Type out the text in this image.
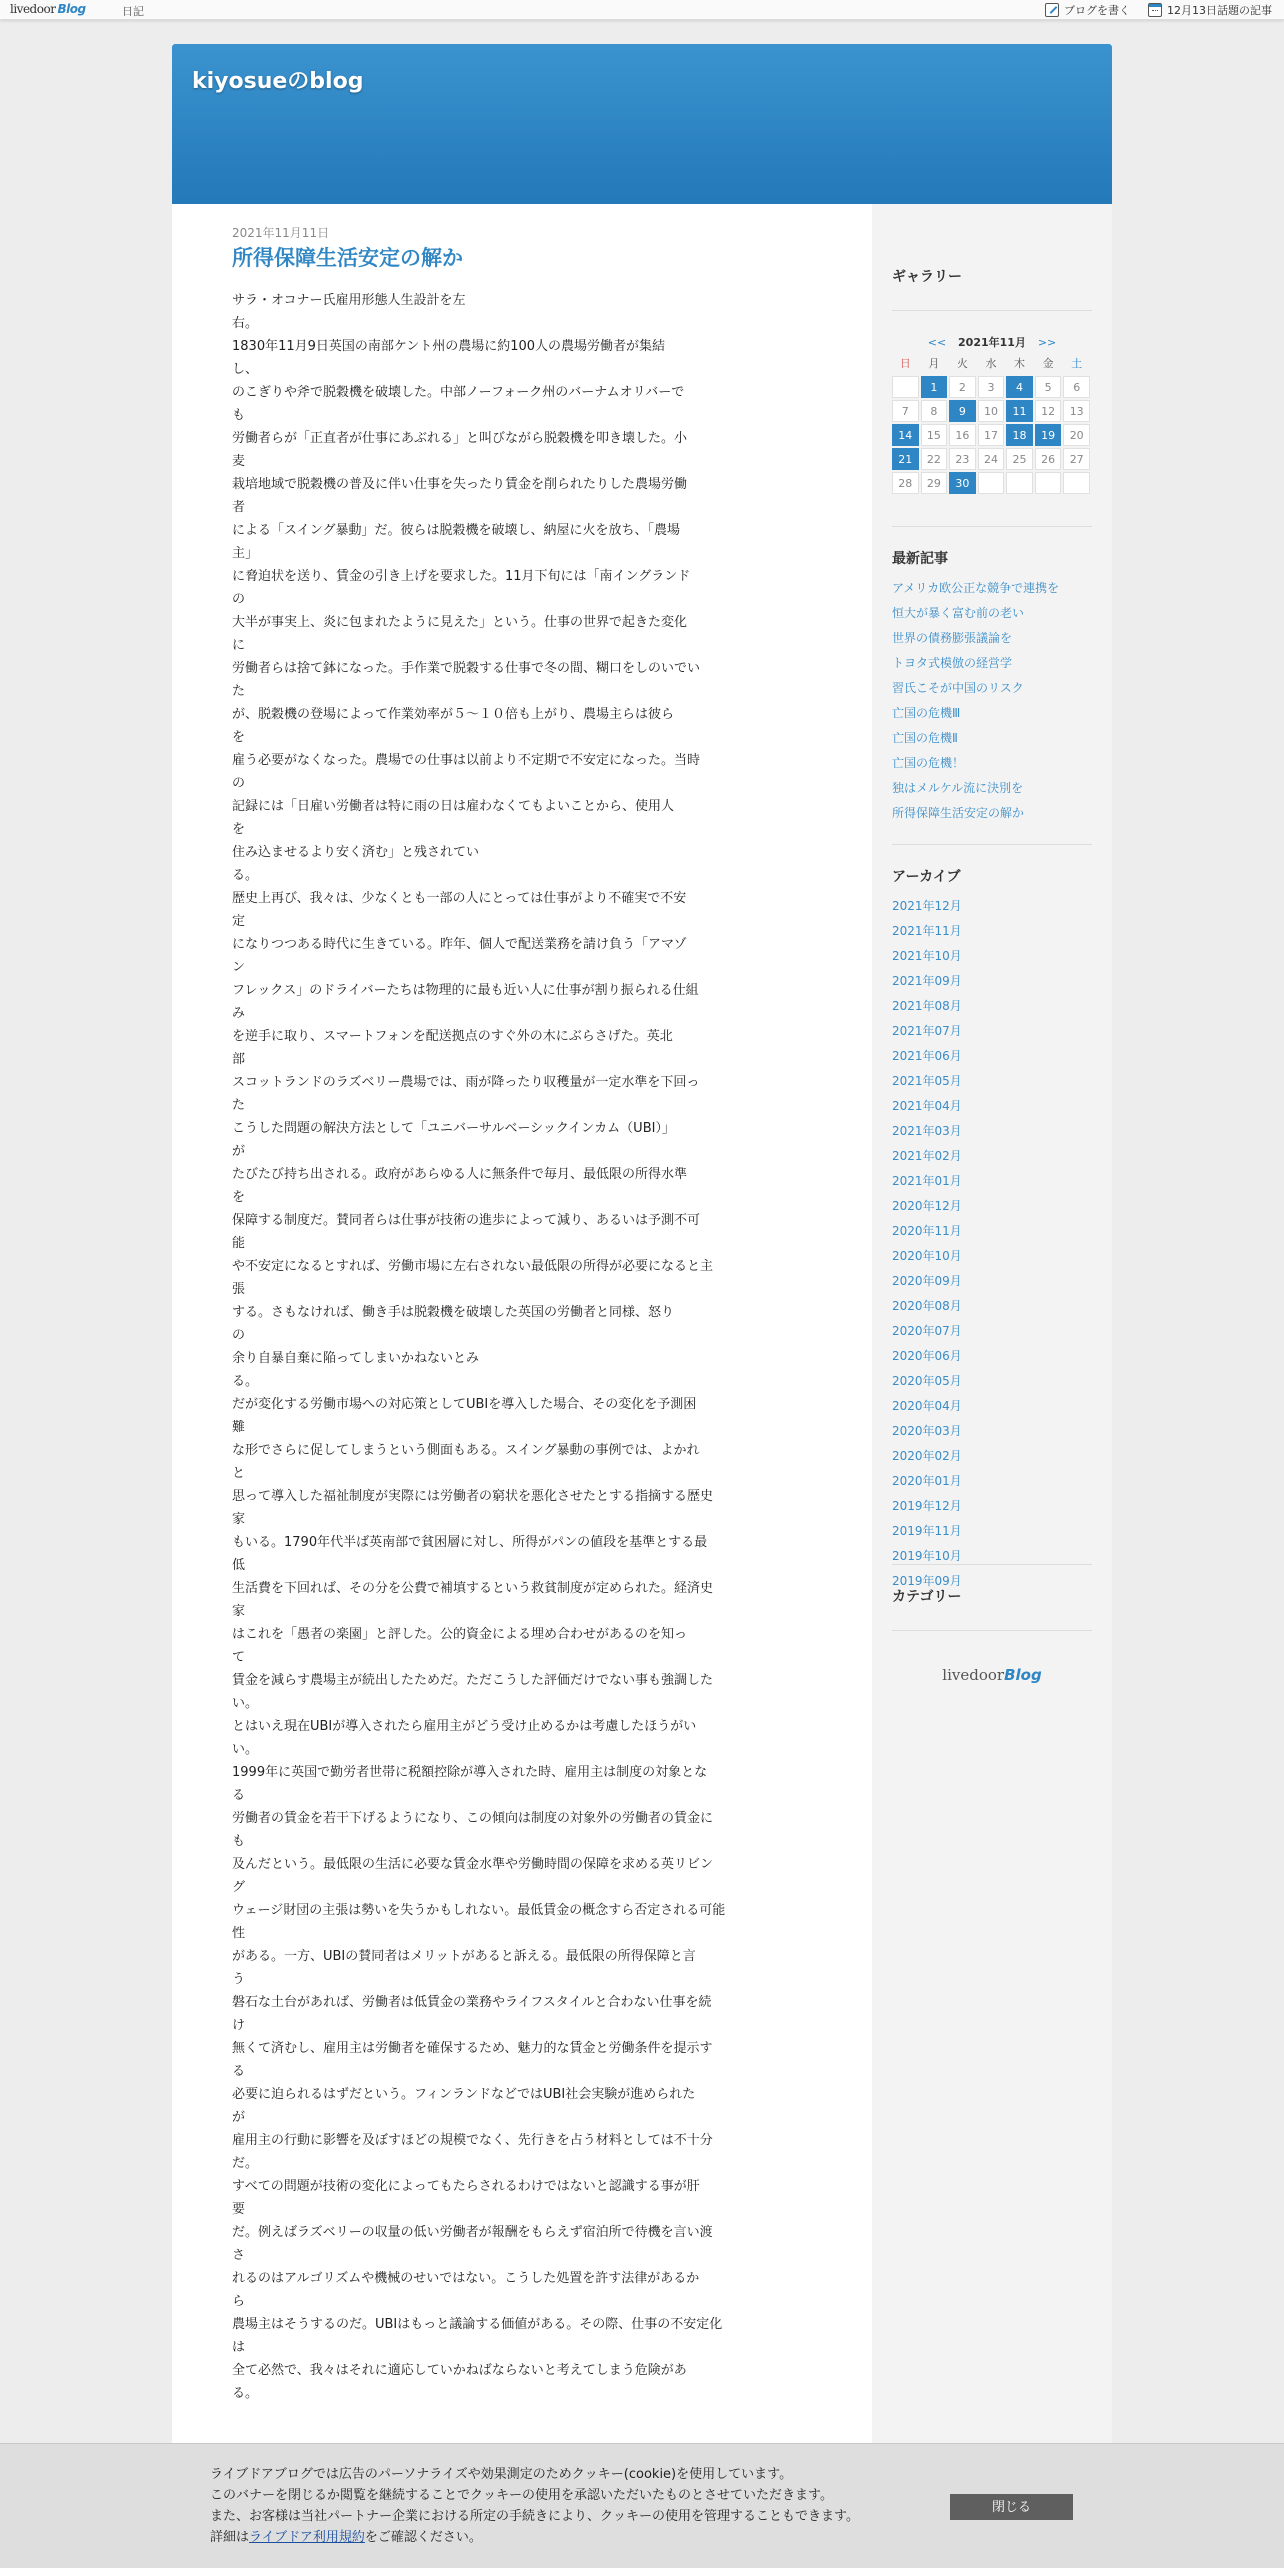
livedoor Blog	日記	ブログを書く	12月13日話題の記事
kiyosueのblog
2021年11月11日
所得保障生活安定の解か
サラ・オコナー氏雇用形態人生設計を左
右。
1830年11月9日英国の南部ケント州の農場に約100人の農場労働者が集結
し、
のこぎりや斧で脱穀機を破壊した。中部ノーフォーク州のバーナムオリバーで
も
労働者らが「正直者が仕事にあぶれる」と叫びながら脱穀機を叩き壊した。小
麦
栽培地域で脱穀機の普及に伴い仕事を失ったり賃金を削られたりした農場労働
者
による「スイング暴動」だ。彼らは脱穀機を破壊し、納屋に火を放ち、「農場
主」
に脅迫状を送り、賃金の引き上げを要求した。11月下旬には「南イングランド
の
大半が事実上、炎に包まれたように見えた」という。仕事の世界で起きた変化
に
労働者らは捨て鉢になった。手作業で脱穀する仕事で冬の間、糊口をしのいでい
た
が、脱穀機の登場によって作業効率が５～１０倍も上がり、農場主らは彼ら
を
雇う必要がなくなった。農場での仕事は以前より不定期で不安定になった。当時
の
記録には「日雇い労働者は特に雨の日は雇わなくてもよいことから、使用人
を
住み込ませるより安く済む」と残されてい
る。
歴史上再び、我々は、少なくとも一部の人にとっては仕事がより不確実で不安
定
になりつつある時代に生きている。昨年、個人で配送業務を請け負う「アマゾ
ン
フレックス」のドライバーたちは物理的に最も近い人に仕事が割り振られる仕組
み
を逆手に取り、スマートフォンを配送拠点のすぐ外の木にぶらさげた。英北
部
スコットランドのラズベリー農場では、雨が降ったり収穫量が一定水準を下回っ
た
こうした問題の解決方法として「ユニバーサルベーシックインカム（UBI）」
が
たびたび持ち出される。政府があらゆる人に無条件で毎月、最低限の所得水準
を
保障する制度だ。賛同者らは仕事が技術の進歩によって減り、あるいは予測不可
能
や不安定になるとすれば、労働市場に左右されない最低限の所得が必要になると主
張
する。さもなければ、働き手は脱穀機を破壊した英国の労働者と同様、怒り
の
余り自暴自棄に陥ってしまいかねないとみ
る。
だが変化する労働市場への対応策としてUBIを導入した場合、その変化を予測困
難
な形でさらに促してしまうという側面もある。スイング暴動の事例では、よかれ
と
思って導入した福祉制度が実際には労働者の窮状を悪化させたとする指摘する歴史
家
もいる。1790年代半ば英南部で貧困層に対し、所得がパンの値段を基準とする最
低
生活費を下回れば、その分を公費で補填するという救貧制度が定められた。経済史
家
はこれを「愚者の楽園」と評した。公的資金による埋め合わせがあるのを知っ
て
賃金を減らす農場主が続出したためだ。ただこうした評価だけでない事も強調した
い。
とはいえ現在UBIが導入されたら雇用主がどう受け止めるかは考慮したほうがい
い。
1999年に英国で勤労者世帯に税額控除が導入された時、雇用主は制度の対象とな
る
労働者の賃金を若干下げるようになり、この傾向は制度の対象外の労働者の賃金に
も
及んだという。最低限の生活に必要な賃金水準や労働時間の保障を求める英リビン
グ
ウェージ財団の主張は勢いを失うかもしれない。最低賃金の概念すら否定される可能
性
がある。一方、UBIの賛同者はメリットがあると訴える。最低限の所得保障と言
う
磐石な土台があれば、労働者は低賃金の業務やライフスタイルと合わない仕事を続
け
無くて済むし、雇用主は労働者を確保するため、魅力的な賃金と労働条件を提示す
る
必要に迫られるはずだという。フィンランドなどではUBI社会実験が進められた
が
雇用主の行動に影響を及ぼすほどの規模でなく、先行きを占う材料としては不十分
だ。
すべての問題が技術の変化によってもたらされるわけではないと認識する事が肝
要
だ。例えばラズベリーの収量の低い労働者が報酬をもらえず宿泊所で待機を言い渡
さ
れるのはアルゴリズムや機械のせいではない。こうした処置を許す法律があるか
ら
農場主はそうするのだ。UBIはもっと議論する価値がある。その際、仕事の不安定化
は
全て必然で、我々はそれに適応していかねばならないと考えてしまう危険があ
る。
ギャラリー
<< 2021年11月 >>
日	月	火	水	木	金	土
	1	2	3	4	5	6
7	8	9	10	11	12	13
14	15	16	17	18	19	20
21	22	23	24	25	26	27
28	29	30				
最新記事
アメリカ欧公正な競争で連携を
恒大が暴く富む前の老い
世界の債務膨張議論を
トヨタ式模倣の経営学
習氏こそが中国のリスク
亡国の危機Ⅲ
亡国の危機Ⅱ
亡国の危機！
独はメルケル流に決別を
所得保障生活安定の解か
アーカイブ
2021年12月
2021年11月
2021年10月
2021年09月
2021年08月
2021年07月
2021年06月
2021年05月
2021年04月
2021年03月
2021年02月
2021年01月
2020年12月
2020年11月
2020年10月
2020年09月
2020年08月
2020年07月
2020年06月
2020年05月
2020年04月
2020年03月
2020年02月
2020年01月
2019年12月
2019年11月
2019年10月
2019年09月
カテゴリー
livedoorBlog
ライブドアブログでは広告のパーソナライズや効果測定のためクッキー(cookie)を使用しています。
このバナーを閉じるか閲覧を継続することでクッキーの使用を承認いただいたものとさせていただきます。
また、お客様は当社パートナー企業における所定の手続きにより、クッキーの使用を管理することもできます。
詳細はライブドア利用規約をご確認ください。
閉じる
